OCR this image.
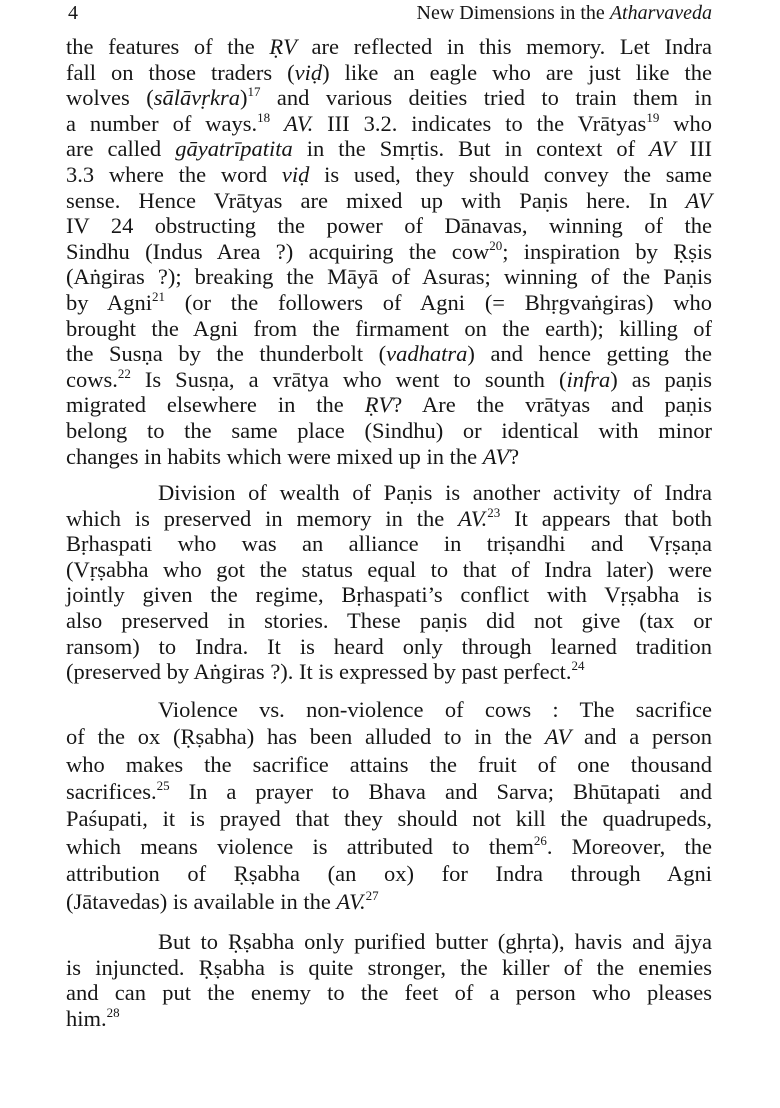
4	New Dimensions in the Atharvaveda
the features of the ṚV are reflected in this memory. Let Indra
fall on those traders (viḍ) like an eagle who are just like the
wolves (sālāvṛkra)$^{17}$ and various deities tried to train them in
a number of ways.$^{18}$ AV. III 3.2. indicates to the Vrātyas$^{19}$ who
are called gāyatrīpatita in the Smṛtis. But in context of AV III
3.3 where the word viḍ is used, they should convey the same
sense. Hence Vrātyas are mixed up with Paṇis here. In AV
IV 24 obstructing the power of Dānavas, winning of the
Sindhu (Indus Area ?) acquiring the cow$^{20}$; inspiration by Ṛṣis
(Aṅgiras ?); breaking the Māyā of Asuras; winning of the Paṇis
by Agni$^{21}$ (or the followers of Agni (= Bhṛgvaṅgiras) who
brought the Agni from the firmament on the earth); killing of
the Susṇa by the thunderbolt (vadhatra) and hence getting the
cows.$^{22}$ Is Susṇa, a vrātya who went to sounth (infra) as paṇis
migrated elsewhere in the ṚV? Are the vrātyas and paṇis
belong to the same place (Sindhu) or identical with minor
changes in habits which were mixed up in the AV?
Division of wealth of Paṇis is another activity of Indra
which is preserved in memory in the AV.$^{23}$ It appears that both
Bṛhaspati who was an alliance in triṣandhi and Vṛṣaṇa
(Vṛṣabha who got the status equal to that of Indra later) were
jointly given the regime, Bṛhaspati’s conflict with Vṛṣabha is
also preserved in stories. These paṇis did not give (tax or
ransom) to Indra. It is heard only through learned tradition
(preserved by Aṅgiras ?). It is expressed by past perfect.$^{24}$
Violence vs. non-violence of cows : The sacrifice
of the ox (Ṛṣabha) has been alluded to in the AV and a person
who makes the sacrifice attains the fruit of one thousand
sacrifices.$^{25}$ In a prayer to Bhava and Sarva; Bhūtapati and
Paśupati, it is prayed that they should not kill the quadrupeds,
which means violence is attributed to them$^{26}$. Moreover, the
attribution of Ṛṣabha (an ox) for Indra through Agni
(Jātavedas) is available in the AV.$^{27}$
But to Ṛṣabha only purified butter (ghṛta), havis and ājya
is injuncted. Ṛṣabha is quite stronger, the killer of the enemies
and can put the enemy to the feet of a person who pleases
him.$^{28}$
